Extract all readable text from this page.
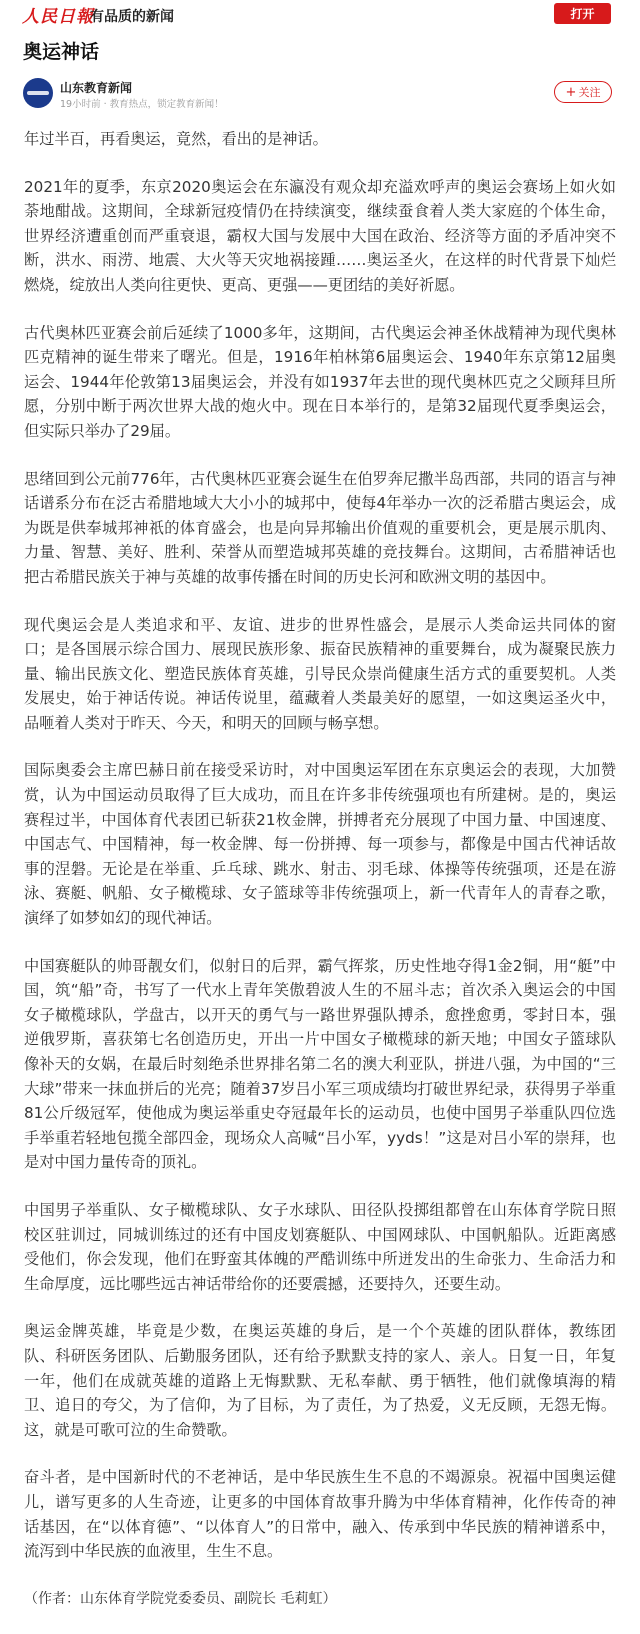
人民日報
有品质的新闻	打开
奥运神话
山东教育新闻
19小时前 · 教育热点，锁定教育新闻！
+ 关注

年过半百，再看奥运，竟然，看出的是神话。

2021年的夏季，东京2020奥运会在东瀛没有观众却充溢欢呼声的奥运会赛场上如火如荼地酣战。这期间，全球新冠疫情仍在持续演变，继续蚕食着人类大家庭的个体生命，世界经济遭重创而严重衰退，霸权大国与发展中大国在政治、经济等方面的矛盾冲突不断，洪水、雨涝、地震、大火等天灾地祸接踵……奥运圣火，在这样的时代背景下灿烂燃烧，绽放出人类向往更快、更高、更强——更团结的美好祈愿。

古代奥林匹亚赛会前后延续了1000多年，这期间，古代奥运会神圣休战精神为现代奥林匹克精神的诞生带来了曙光。但是，1916年柏林第6届奥运会、1940年东京第12届奥运会、1944年伦敦第13届奥运会，并没有如1937年去世的现代奥林匹克之父顾拜旦所愿，分别中断于两次世界大战的炮火中。现在日本举行的，是第32届现代夏季奥运会，但实际只举办了29届。

思绪回到公元前776年，古代奥林匹亚赛会诞生在伯罗奔尼撒半岛西部，共同的语言与神话谱系分布在泛古希腊地域大大小小的城邦中，使每4年举办一次的泛希腊古奥运会，成为既是供奉城邦神祇的体育盛会，也是向异邦输出价值观的重要机会，更是展示肌肉、力量、智慧、美好、胜利、荣誉从而塑造城邦英雄的竞技舞台。这期间，古希腊神话也把古希腊民族关于神与英雄的故事传播在时间的历史长河和欧洲文明的基因中。

现代奥运会是人类追求和平、友谊、进步的世界性盛会，是展示人类命运共同体的窗口；是各国展示综合国力、展现民族形象、振奋民族精神的重要舞台，成为凝聚民族力量、输出民族文化、塑造民族体育英雄，引导民众崇尚健康生活方式的重要契机。人类发展史，始于神话传说。神话传说里，蕴藏着人类最美好的愿望，一如这奥运圣火中，品咂着人类对于昨天、今天，和明天的回顾与畅享想。

国际奥委会主席巴赫日前在接受采访时，对中国奥运军团在东京奥运会的表现，大加赞赏，认为中国运动员取得了巨大成功，而且在许多非传统强项也有所建树。是的，奥运赛程过半，中国体育代表团已斩获21枚金牌，拼搏者充分展现了中国力量、中国速度、中国志气、中国精神，每一枚金牌、每一份拼搏、每一项参与，都像是中国古代神话故事的涅磐。无论是在举重、乒乓球、跳水、射击、羽毛球、体操等传统强项，还是在游泳、赛艇、帆船、女子橄榄球、女子篮球等非传统强项上，新一代青年人的青春之歌，演绎了如梦如幻的现代神话。

中国赛艇队的帅哥靓女们，似射日的后羿，霸气挥浆，历史性地夺得1金2铜，用“艇”中国，筑“船”奇，书写了一代水上青年笑傲碧波人生的不屈斗志；首次杀入奥运会的中国女子橄榄球队，学盘古，以开天的勇气与一路世界强队搏杀，愈挫愈勇，零封日本，强逆俄罗斯，喜获第七名创造历史，开出一片中国女子橄榄球的新天地；中国女子篮球队像补天的女娲，在最后时刻绝杀世界排名第二名的澳大利亚队，拼进八强，为中国的“三大球”带来一抹血拼后的光亮；随着37岁吕小军三项成绩均打破世界纪录，获得男子举重81公斤级冠军，使他成为奥运举重史夺冠最年长的运动员，也使中国男子举重队四位选手举重若轻地包揽全部四金，现场众人高喊“吕小军，yyds！”这是对吕小军的崇拜，也是对中国力量传奇的顶礼。

中国男子举重队、女子橄榄球队、女子水球队、田径队投掷组都曾在山东体育学院日照校区驻训过，同城训练过的还有中国皮划赛艇队、中国网球队、中国帆船队。近距离感受他们，你会发现，他们在野蛮其体魄的严酷训练中所迸发出的生命张力、生命活力和生命厚度，远比哪些远古神话带给你的还要震撼，还要持久，还要生动。

奥运金牌英雄，毕竟是少数，在奥运英雄的身后，是一个个英雄的团队群体，教练团队、科研医务团队、后勤服务团队，还有给予默默支持的家人、亲人。日复一日，年复一年，他们在成就英雄的道路上无悔默默、无私奉献、勇于牺牲，他们就像填海的精卫、追日的夸父，为了信仰，为了目标，为了责任，为了热爱，义无反顾，无怨无悔。这，就是可歌可泣的生命赞歌。

奋斗者，是中国新时代的不老神话，是中华民族生生不息的不竭源泉。祝福中国奥运健儿，谱写更多的人生奇迹，让更多的中国体育故事升腾为中华体育精神，化作传奇的神话基因，在“以体育德”、“以体育人”的日常中，融入、传承到中华民族的精神谱系中，流泻到中华民族的血液里，生生不息。

（作者：山东体育学院党委委员、副院长 毛莉虹）
